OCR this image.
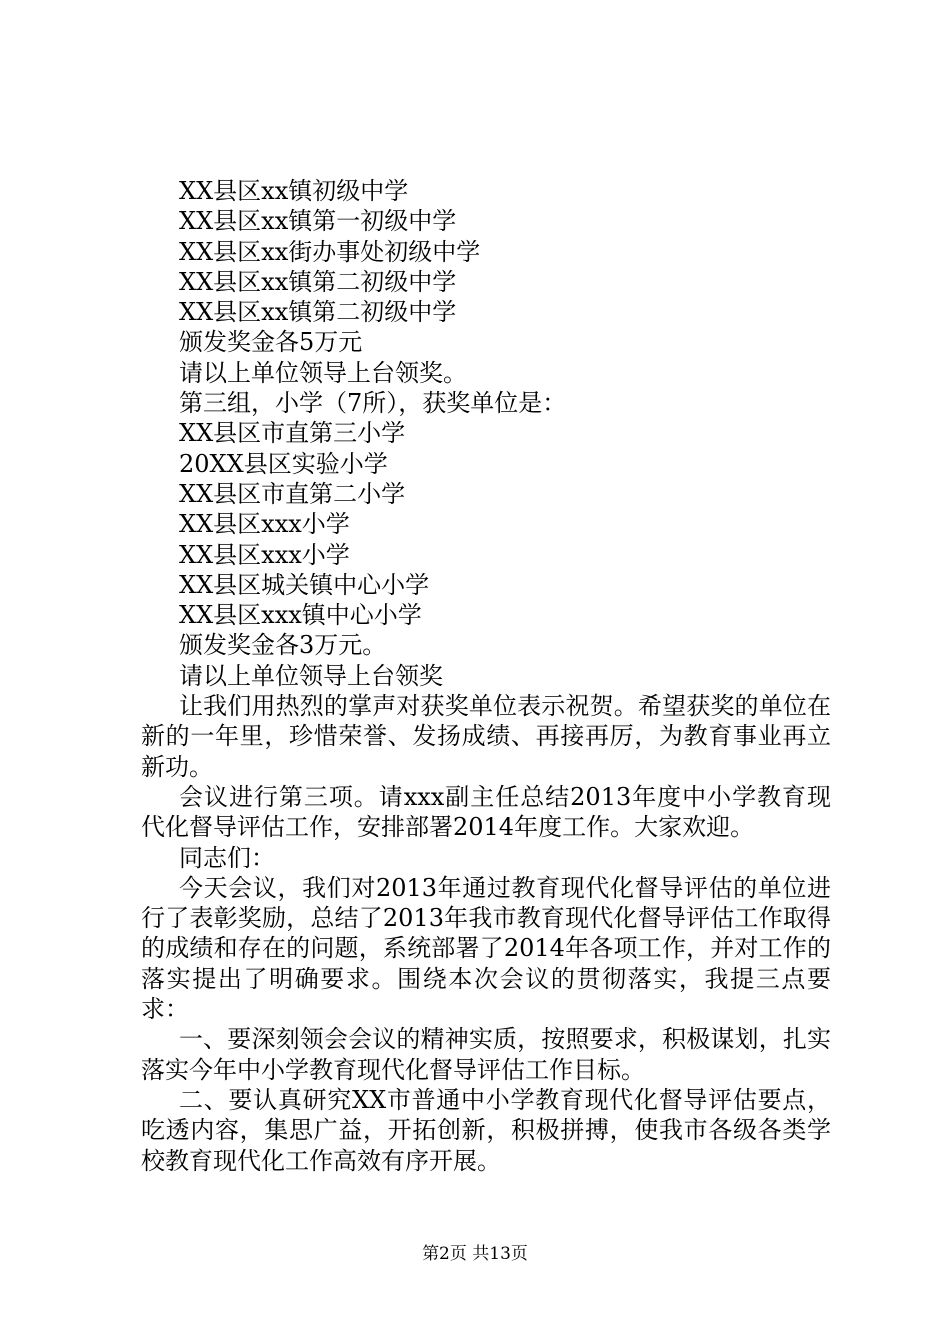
XX县区xx镇初级中学
XX县区xx镇第一初级中学
XX县区xx街办事处初级中学
XX县区xx镇第二初级中学
XX县区xx镇第二初级中学
颁发奖金各5万元
请以上单位领导上台领奖。
第三组，小学（7所），获奖单位是：
XX县区市直第三小学
20XX县区实验小学
XX县区市直第二小学
XX县区xxx小学
XX县区xxx小学
XX县区城关镇中心小学
XX县区xxx镇中心小学
颁发奖金各3万元。
请以上单位领导上台领奖
让我们用热烈的掌声对获奖单位表示祝贺。希望获奖的单位在新的一年里，珍惜荣誉、发扬成绩、再接再厉，为教育事业再立新功。
会议进行第三项。请xxx副主任总结2013年度中小学教育现代化督导评估工作，安排部署2014年度工作。大家欢迎。
同志们：
今天会议，我们对2013年通过教育现代化督导评估的单位进行了表彰奖励，总结了2013年我市教育现代化督导评估工作取得的成绩和存在的问题，系统部署了2014年各项工作，并对工作的落实提出了明确要求。围绕本次会议的贯彻落实，我提三点要求：
一、要深刻领会会议的精神实质，按照要求，积极谋划，扎实落实今年中小学教育现代化督导评估工作目标。
二、要认真研究XX市普通中小学教育现代化督导评估要点，吃透内容，集思广益，开拓创新，积极拼搏，使我市各级各类学校教育现代化工作高效有序开展。
第2页 共13页
